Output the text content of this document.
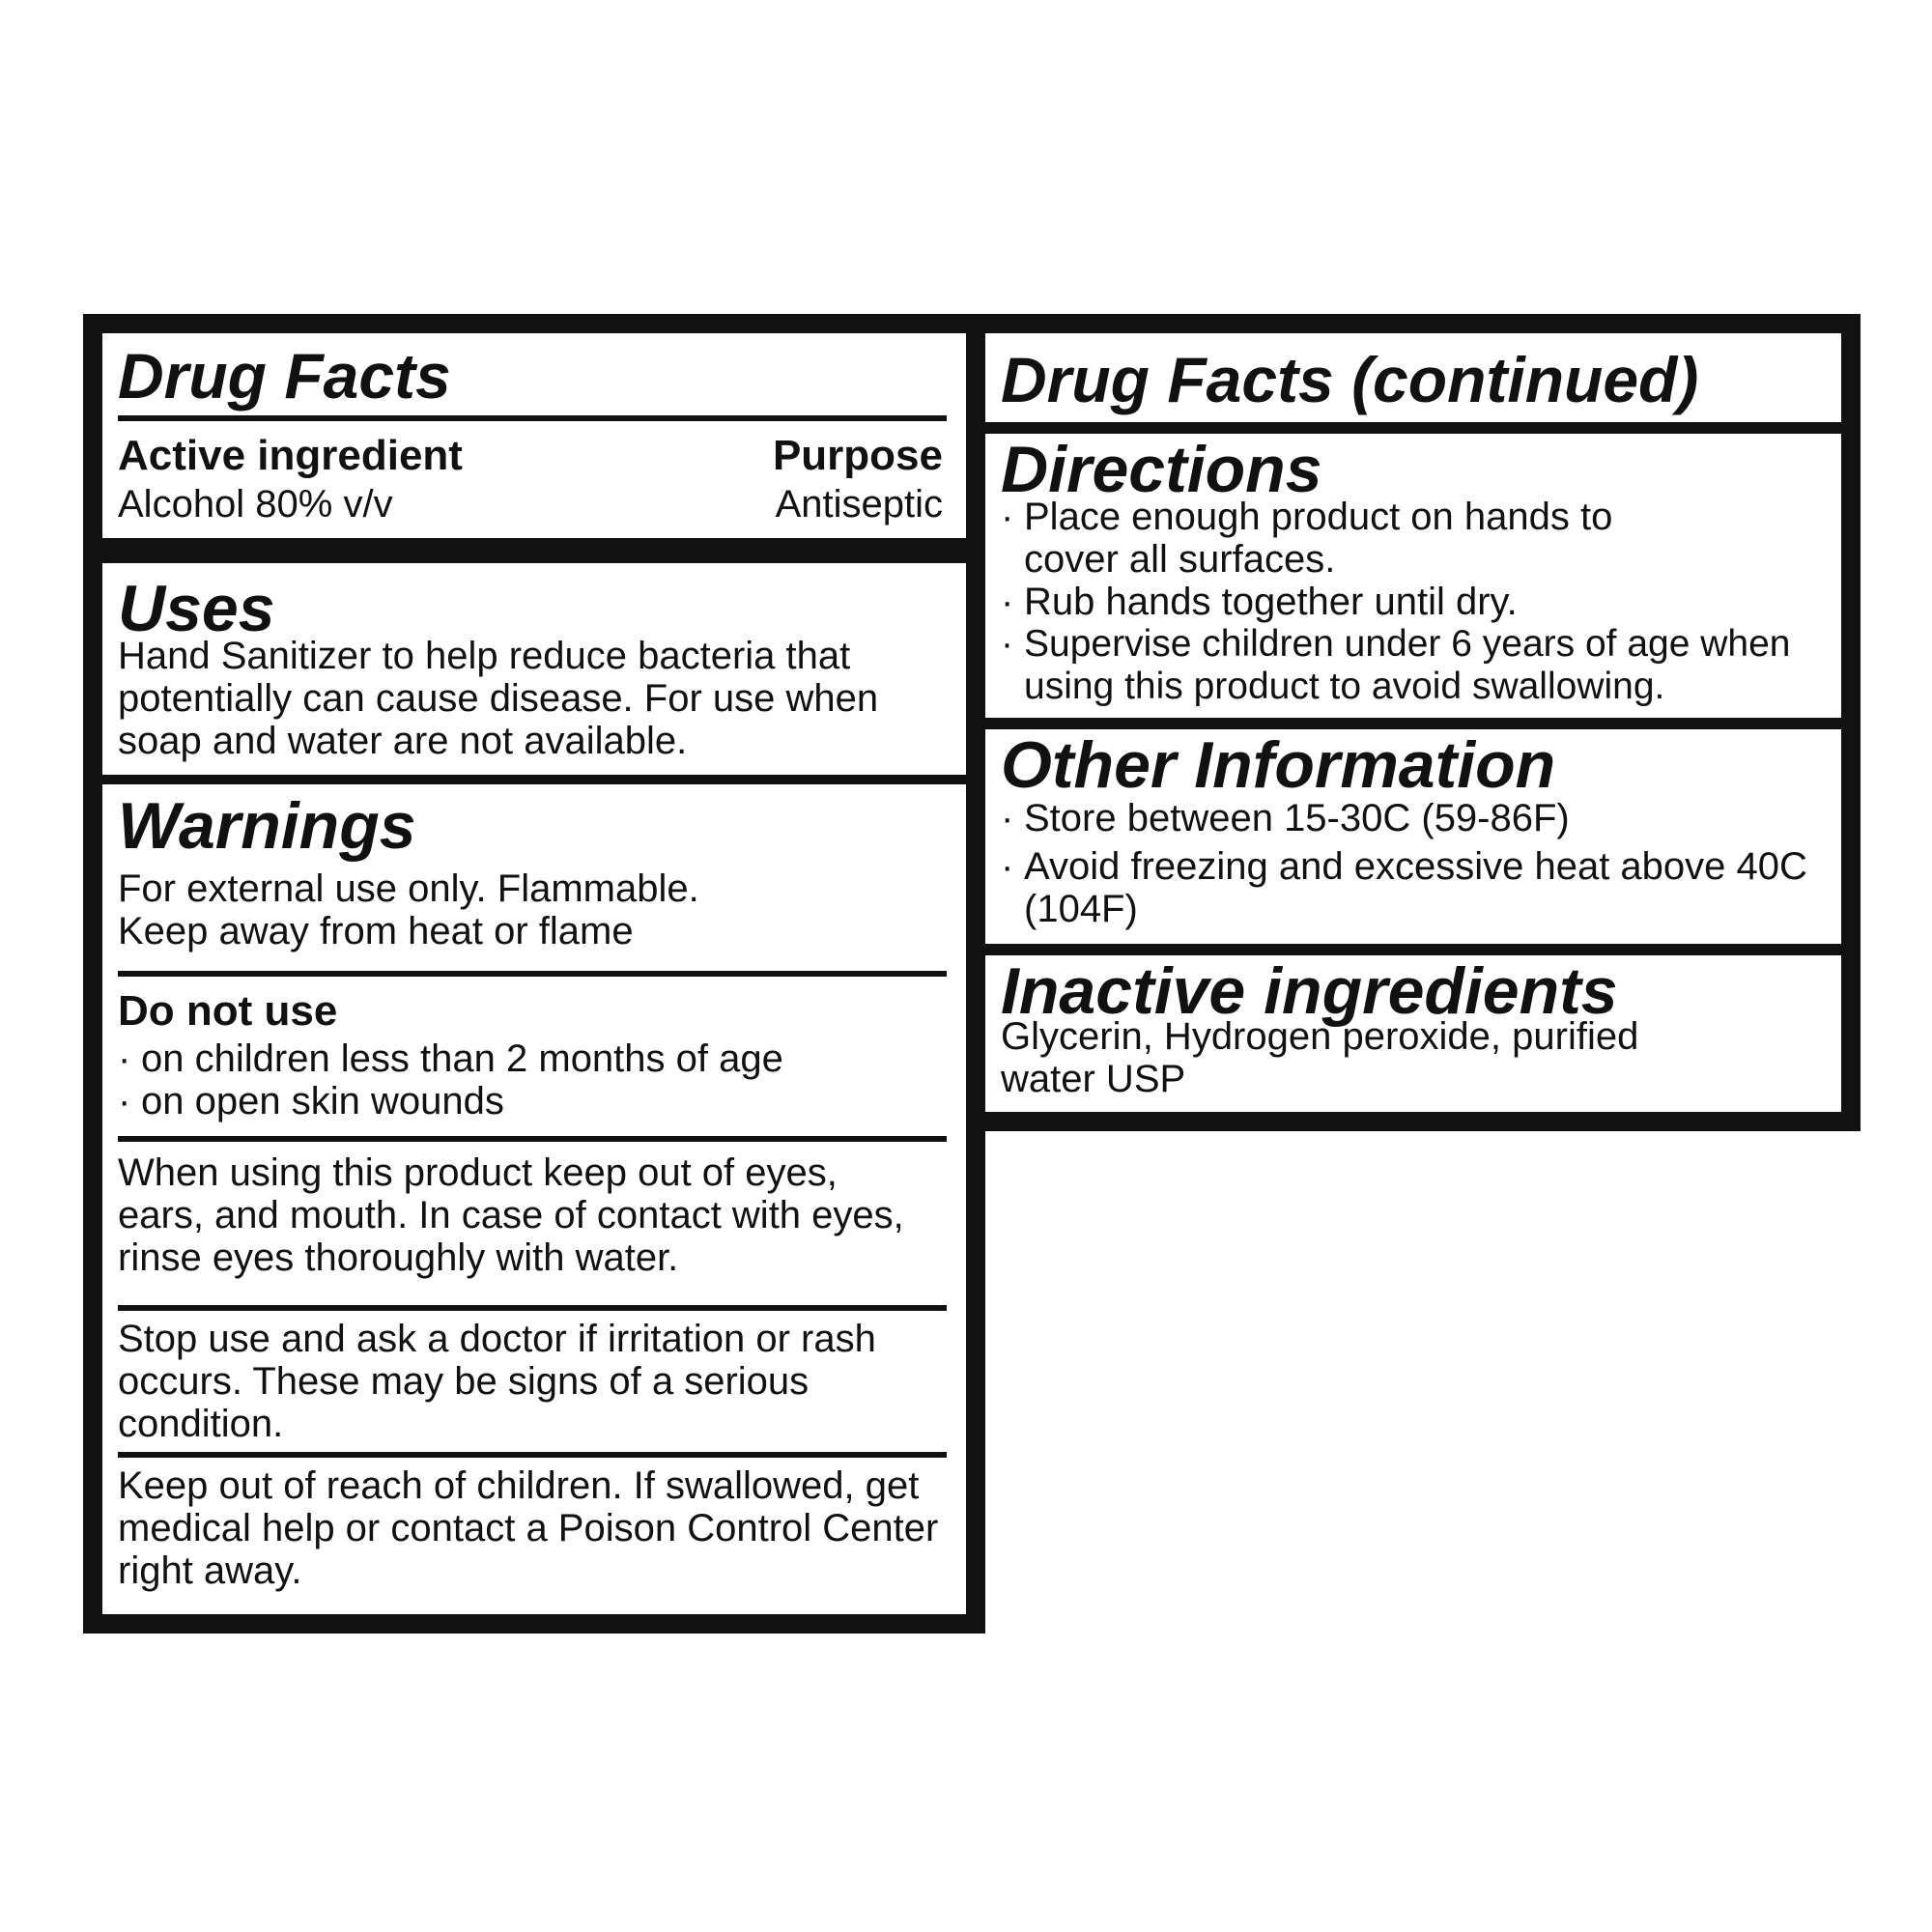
Drug Facts

Active ingredient

Alcohol 80% v/v

Purpose

Antiseptic

Uses

Hand Sanitizer to help reduce bacteria that potentially can cause disease. For use when soap and water are not available.

Warnings

For external use only. Flammable.

Keep away from heat or flame

Do not use

· on children less than 2 months of age
· on open skin wounds

When using this product keep out of eyes, ears, and mouth. In case of contact with eyes, rinse eyes thoroughly with water.

Stop use and ask a doctor if irritation or rash occurs. These may be signs of a serious condition.

Keep out of reach of children. If swallowed, get medical help or contact a Poison Control Center right away.

Drug Facts (continued)

Directions

· Place enough product on hands to cover all surfaces.
· Rub hands together until dry.
· Supervise children under 6 years of age when using this product to avoid swallowing.

Other Information

· Store between 15-30C (59-86F)
· Avoid freezing and excessive heat above 40C (104F)

Inactive ingredients

Glycerin, Hydrogen peroxide, purified water USP
